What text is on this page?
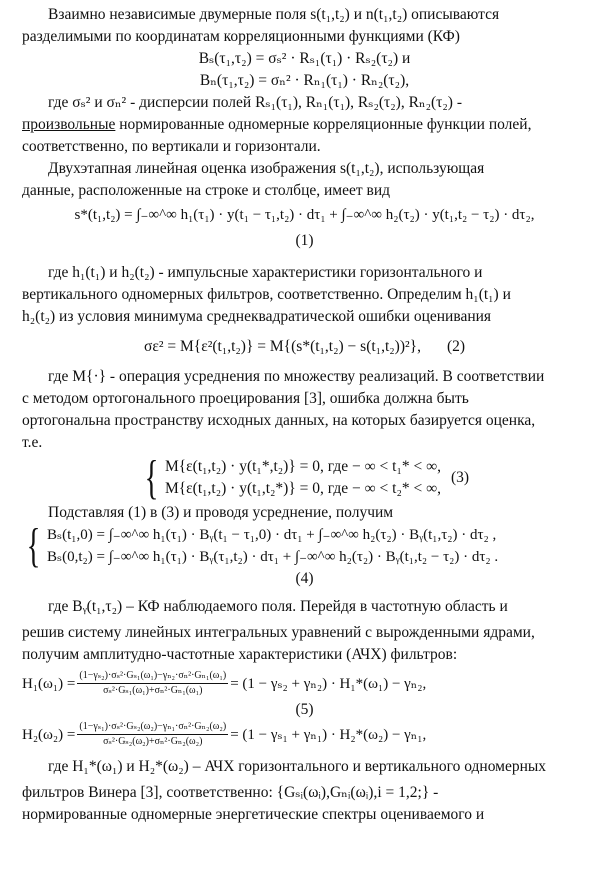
Взаимно независимые двумерные поля s(t₁,t₂) и n(t₁,t₂) описываются

разделимыми по координатам корреляционными функциями (КФ)

Bₛ(τ₁,τ₂) = σₛ² · Rₛ₁(τ₁) · Rₛ₂(τ₂) и

Bₙ(τ₁,τ₂) = σₙ² · Rₙ₁(τ₁) · Rₙ₂(τ₂),

где σₛ² и σₙ² - дисперсии полей Rₛ₁(τ₁), Rₙ₁(τ₁), Rₛ₂(τ₂), Rₙ₂(τ₂) -

произвольные нормированные одномерные корреляционные функции полей,

соответственно, по вертикали и горизонтали.

Двухэтапная линейная оценка изображения s(t₁,t₂), использующая

данные, расположенные на строке и столбце, имеет вид

s*(t₁,t₂) = ∫₋∞^∞ h₁(τ₁) · y(t₁ − τ₁,t₂) · dτ₁ + ∫₋∞^∞ h₂(τ₂) · y(t₁,t₂ − τ₂) · dτ₂,

(1)

где h₁(t₁) и h₂(t₂) - импульсные характеристики горизонтального и

вертикального одномерных фильтров, соответственно. Определим h₁(t₁) и

h₂(t₂) из условия минимума среднеквадратической ошибки оценивания

σε² = M{ε²(t₁,t₂)} = M{(s*(t₁,t₂) − s(t₁,t₂))²}, (2)

где M{·} - операция усреднения по множеству реализаций. В соответствии

с методом ортогонального проецирования [3], ошибка должна быть

ортогональна пространству исходных данных, на которых базируется оценка,

т.е.

{ M{ε(t₁,t₂) · y(t₁*,t₂)} = 0, где − ∞ < t₁* < ∞,
M{ε(t₁,t₂) · y(t₁,t₂*)} = 0, где − ∞ < t₂* < ∞,
(3)

Подставляя (1) в (3) и проводя усреднение, получим

{ Bₛ(t₁,0) = ∫₋∞^∞ h₁(τ₁) · Bᵧ(t₁ − τ₁,0) · dτ₁ + ∫₋∞^∞ h₂(τ₂) · Bᵧ(t₁,τ₂) · dτ₂ ,
Bₛ(0,t₂) = ∫₋∞^∞ h₁(τ₁) · Bᵧ(τ₁,t₂) · dτ₁ + ∫₋∞^∞ h₂(τ₂) · Bᵧ(t₁,t₂ − τ₂) · dτ₂ .

(4)

где Bᵧ(t₁,τ₂) – КФ наблюдаемого поля. Перейдя в частотную область и

решив систему линейных интегральных уравнений с вырожденными ядрами,

получим амплитудно-частотные характеристики (АЧХ) фильтров:

$H_1(\omega_1) = \frac{\text{(1−γₛ₂)·σₛ²·Gₛ₁(ω₁)−γₙ₂·σₙ²·Gₙ₁(ω₁)}}{\text{σₛ²·Gₛ₁(ω₁)+σₙ²·Gₙ₁(ω₁)}} = (1 - \gamma_{s2} + \gamma_{n2}) \cdot H_1*(\omega_1) - \gamma_{n2}$,

(5)

$H_2(\omega_2) = \frac{\text{(1−γₛ₁)·σₛ²·Gₛ₂(ω₂)−γₙ₁·σₙ²·Gₙ₂(ω₂)}}{\text{σₛ²·Gₛ₂(ω₂)+σₙ²·Gₙ₂(ω₂)}} = (1 - \gamma_{s1} + \gamma_{n1}) \cdot H_2*(\omega_2) - \gamma_{n1}$,

где H₁*(ω₁) и H₂*(ω₂) – АЧХ горизонтального и вертикального одномерных

фильтров Винера [3], соответственно: {Gₛᵢ(ωᵢ),Gₙᵢ(ωᵢ),i = 1,2;} -

нормированные одномерные энергетические спектры оцениваемого и
